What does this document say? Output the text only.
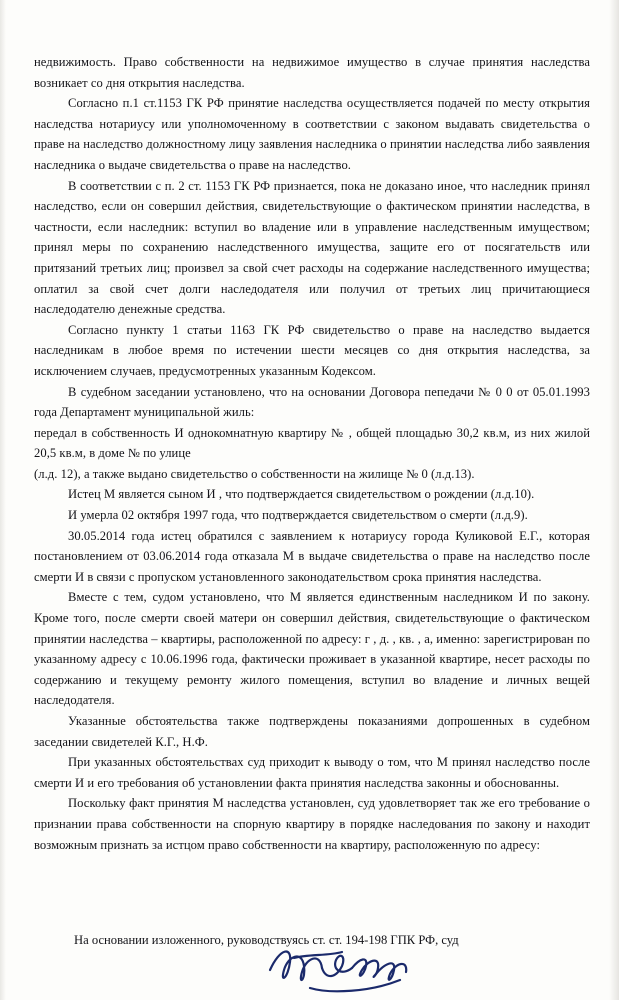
недвижимость. Право собственности на недвижимое имущество в случае принятия наследства возникает со дня открытия наследства.

Согласно п.1 ст.1153 ГК РФ принятие наследства осуществляется подачей по месту открытия наследства нотариусу или уполномоченному в соответствии с законом выдавать свидетельства о праве на наследство должностному лицу заявления наследника о принятии наследства либо заявления наследника о выдаче свидетельства о праве на наследство.

В соответствии с п. 2 ст. 1153 ГК РФ признается, пока не доказано иное, что наследник принял наследство, если он совершил действия, свидетельствующие о фактическом принятии наследства, в частности, если наследник: вступил во владение или в управление наследственным имуществом; принял меры по сохранению наследственного имущества, защите его от посягательств или притязаний третьих лиц; произвел за свой счет расходы на содержание наследственного имущества; оплатил за свой счет долги наследодателя или получил от третьих лиц причитающиеся наследодателю денежные средства.

Согласно пункту 1 статьи 1163 ГК РФ свидетельство о праве на наследство выдается наследникам в любое время по истечении шести месяцев со дня открытия наследства, за исключением случаев, предусмотренных указанным Кодексом.

В судебном заседании установлено, что на основании Договора пепедачи № 0 0 от 05.01.1993 года Департамент муниципальной жиль:

передал в собственность И однокомнатную квартиру № , общей площадью 30,2 кв.м, из них жилой 20,5 кв.м, в доме № по улице

(л.д. 12), а также выдано свидетельство о собственности на жилище № 0 (л.д.13).

Истец М является сыном И , что подтверждается свидетельством о рождении (л.д.10).

И умерла 02 октября 1997 года, что подтверждается свидетельством о смерти (л.д.9).

30.05.2014 года истец обратился с заявлением к нотариусу города Куликовой Е.Г., которая постановлением от 03.06.2014 года отказала М в выдаче свидетельства о праве на наследство после смерти И в связи с пропуском установленного законодательством срока принятия наследства.

Вместе с тем, судом установлено, что М является единственным наследником И по закону. Кроме того, после смерти своей матери он совершил действия, свидетельствующие о фактическом принятии наследства – квартиры, расположенной по адресу: г , д. , кв. , а, именно: зарегистрирован по указанному адресу с 10.06.1996 года, фактически проживает в указанной квартире, несет расходы по содержанию и текущему ремонту жилого помещения, вступил во владение и личных вещей наследодателя.

Указанные обстоятельства также подтверждены показаниями допрошенных в судебном заседании свидетелей К.Г., Н.Ф.

При указанных обстоятельствах суд приходит к выводу о том, что М принял наследство после смерти И и его требования об установлении факта принятия наследства законны и обоснованны.

Поскольку факт принятия М наследства установлен, суд удовлетворяет так же его требование о признании права собственности на спорную квартиру в порядке наследования по закону и находит возможным признать за истцом право собственности на квартиру, расположенную по адресу:

На основании изложенного, руководствуясь ст. ст. 194-198 ГПК РФ, суд
